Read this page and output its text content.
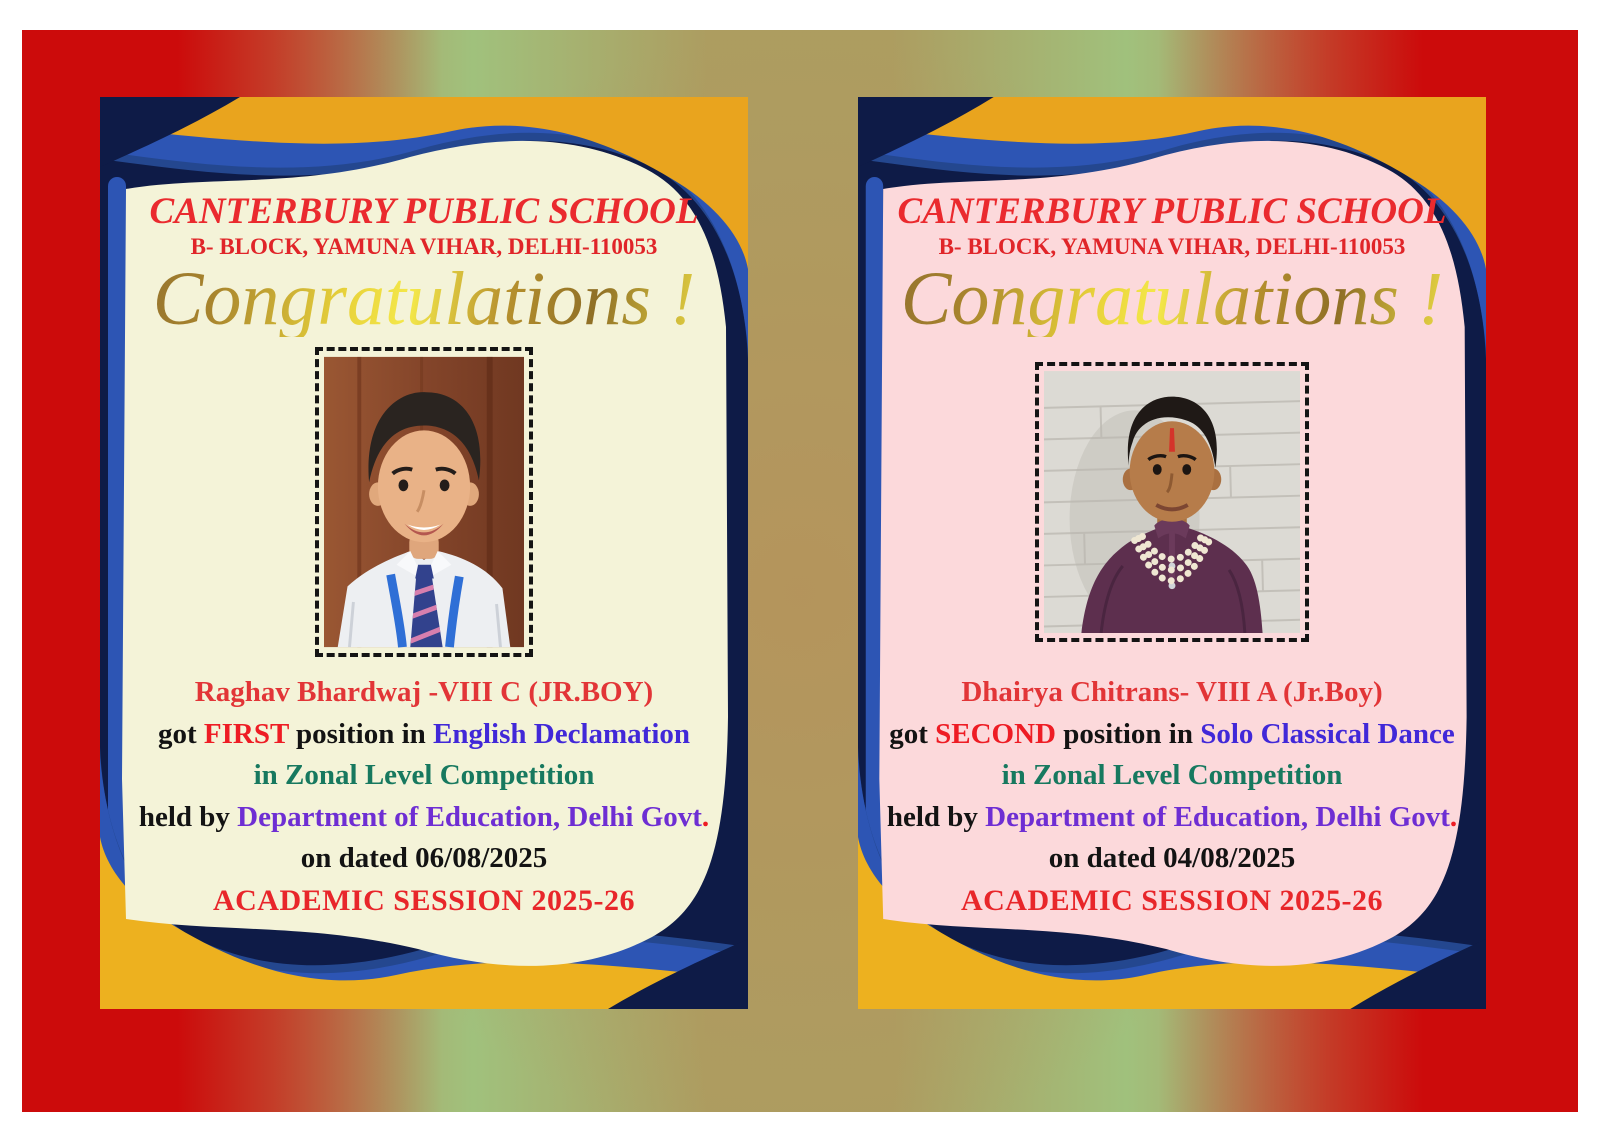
CANTERBURY PUBLIC SCHOOL
B- BLOCK, YAMUNA VIHAR, DELHI-110053
Congratulations !

Raghav Bhardwaj -VIII C (JR.BOY)

got FIRST position in English Declamation

in Zonal Level Competition

held by Department of Education, Delhi Govt.

on dated 06/08/2025

ACADEMIC SESSION 2025-26

CANTERBURY PUBLIC SCHOOL
B- BLOCK, YAMUNA VIHAR, DELHI-110053
Congratulations !

Dhairya Chitrans- VIII A (Jr.Boy)

got SECOND position in Solo Classical Dance

in Zonal Level Competition

held by Department of Education, Delhi Govt.

on dated 04/08/2025

ACADEMIC SESSION 2025-26
